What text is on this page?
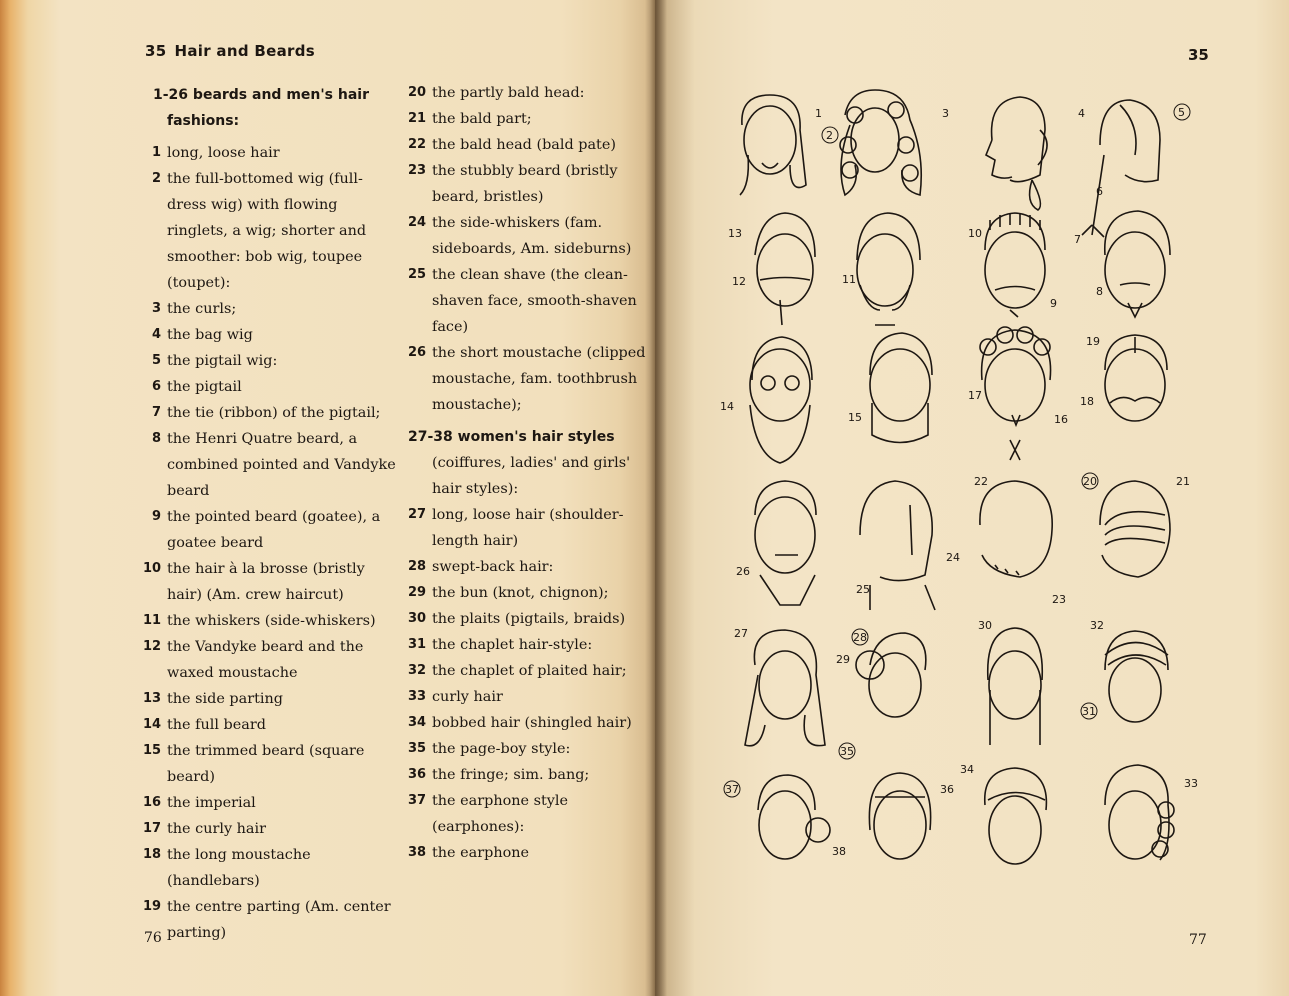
35 Hair and Beards
1-26 beards and men's hair fashions:
1 long, loose hair
2 the full-bottomed wig (full-dress wig) with flowing ringlets, a wig; shorter and smoother: bob wig, toupee (toupet):
3 the curls;
4 the bag wig
5 the pigtail wig:
6 the pigtail
7 the tie (ribbon) of the pigtail;
8 the Henri Quatre beard, a combined pointed and Vandyke beard
9 the pointed beard (goatee), a goatee beard
10 the hair à la brosse (bristly hair) (Am. crew haircut)
11 the whiskers (side-whiskers)
12 the Vandyke beard and the waxed moustache
13 the side parting
14 the full beard
15 the trimmed beard (square beard)
16 the imperial
17 the curly hair
18 the long moustache (handlebars)
19 the centre parting (Am. center parting)
20 the partly bald head:
21 the bald part;
22 the bald head (bald pate)
23 the stubbly beard (bristly beard, bristles)
24 the side-whiskers (fam. sideboards, Am. sideburns)
25 the clean shave (the clean-shaven face, smooth-shaven face)
26 the short moustache (clipped moustache, fam. toothbrush moustache);
27-38 women's hair styles
(coiffures, ladies' and girls' hair styles):
27 long, loose hair (shoulder-length hair)
28 swept-back hair:
29 the bun (knot, chignon);
30 the plaits (pigtails, braids)
31 the chaplet hair-style:
32 the chaplet of plaited hair;
33 curly hair
34 bobbed hair (shingled hair)
35 the page-boy style:
36 the fringe; sim. bang;
37 the earphone style (earphones):
38 the earphone
76
35
1
2
3	4	5
6
7
8
9
10
11
12
13
14
15	16
17	18
19
20	21
22
23
24
25
26
27	28
29
30
31
32
33
34
35
36
37
38
77
